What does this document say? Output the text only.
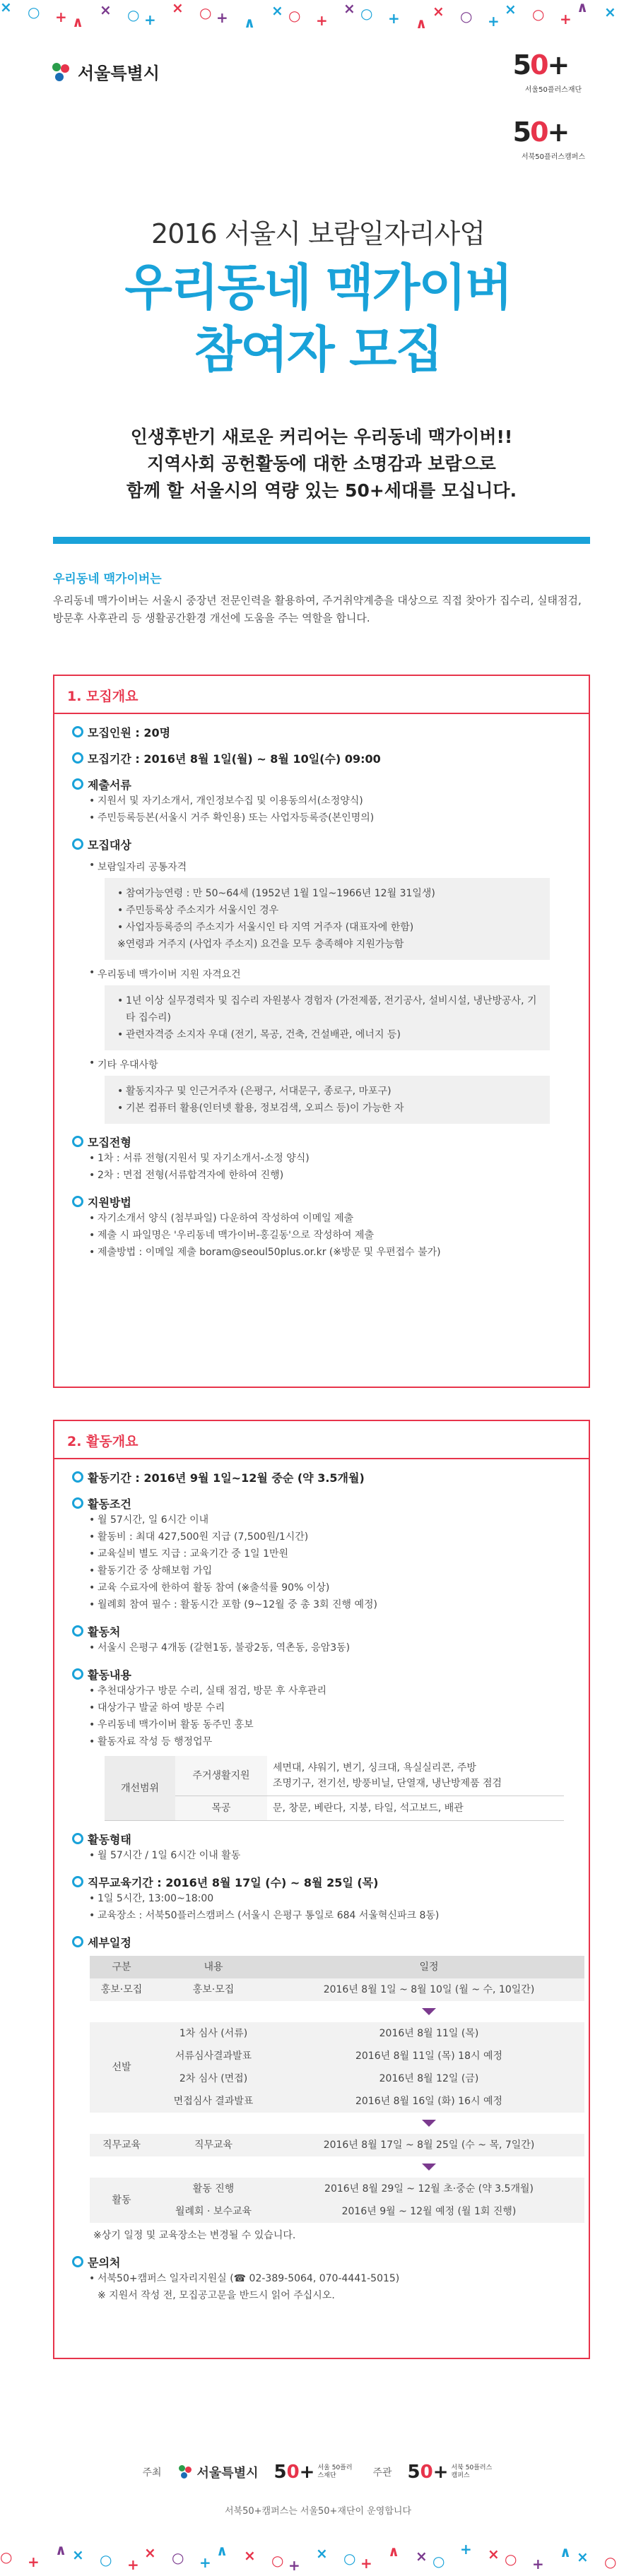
× ○ + ∧
× ○ +
× ○ + ∧
× ○ +
× ○ + ∧
× ○ +
× ○ +
∧ ×
○ +
∧ × ○ +
× ○ +
∧ × ○ +
× ○ +
∧ × ○
+ × ○ +
∧ × ○
서울특별시	50+
서울50플러스재단
50+
서북50플러스캠퍼스
2016 서울시 보람일자리사업
우리동네 맥가이버
참여자 모집
인생후반기 새로운 커리어는 우리동네 맥가이버!!
지역사회 공헌활동에 대한 소명감과 보람으로
함께 할 서울시의 역량 있는 50+세대를 모십니다.
우리동네 맥가이버는

우리동네 맥가이버는 서울시 중장년 전문인력을 활용하여, 주거취약계층을 대상으로 직접 찾아가 집수리, 실태점검, 방문후 사후관리 등 생활공간환경 개선에 도움을 주는 역할을 합니다.

1. 모집개요
모집인원 : 20명
모집기간 : 2016년 8월 1일(월) ~ 8월 10일(수) 09:00
제출서류
• 지원서 및 자기소개서, 개인정보수집 및 이용동의서(소정양식)
• 주민등록등본(서울시 거주 확인용) 또는 사업자등록증(본인명의)
모집대상
• 보람일자리 공통자격
• 참여가능연령 : 만 50~64세 (1952년 1월 1일~1966년 12월 31일생)
• 주민등록상 주소지가 서울시인 경우
• 사업자등록증의 주소지가 서울시인 타 지역 거주자 (대표자에 한함)
※연령과 거주지 (사업자 주소지) 요건을 모두 충족해야 지원가능함
• 우리동네 맥가이버 지원 자격요건
• 1년 이상 실무경력자 및 집수리 자원봉사 경험자 (가전제품, 전기공사, 설비시설, 냉난방공사, 기타 집수리)
• 관련자격증 소지자 우대 (전기, 목공, 건축, 건설배관, 에너지 등)
• 기타 우대사항
• 활동지자구 및 인근거주자 (은평구, 서대문구, 종로구, 마포구)
• 기본 컴퓨터 활용(인터넷 활용, 정보검색, 오피스 등)이 가능한 자
모집전형
• 1차 : 서류 전형(지원서 및 자기소개서-소정 양식)
• 2차 : 면접 전형(서류합격자에 한하여 진행)
지원방법
• 자기소개서 양식 (첨부파일) 다운하여 작성하여 이메일 제출
• 제출 시 파일명은 '우리동네 맥가이버-홍길동'으로 작성하여 제출
• 제출방법 : 이메일 제출 boram@seoul50plus.or.kr (※방문 및 우편접수 불가)
2. 활동개요
활동기간 : 2016년 9월 1일~12월 중순 (약 3.5개월)
활동조건
• 월 57시간, 일 6시간 이내
• 활동비 : 최대 427,500원 지급 (7,500원/1시간)
• 교육실비 별도 지급 : 교육기간 중 1일 1만원
• 활동기간 중 상해보험 가입
• 교육 수료자에 한하여 활동 참여 (※출석률 90% 이상)
• 월례회 참여 필수 : 활동시간 포함 (9~12월 중 총 3회 진행 예정)
활동처
• 서울시 은평구 4개동 (갈현1동, 불광2동, 역촌동, 응암3동)
활동내용
• 추천대상가구 방문 수리, 실태 점검, 방문 후 사후관리
• 대상가구 발굴 하여 방문 수리
• 우리동네 맥가이버 활동 동주민 홍보
• 활동자료 작성 등 행정업무
개선범위	주거생활지원	세면대, 샤워기, 변기, 싱크대, 욕실실리콘, 주방
조명기구, 전기선, 방풍비닐, 단열재, 냉난방제품 점검

	목공	문, 창문, 베란다, 지붕, 타일, 석고보드, 배관
활동형태
• 월 57시간 / 1일 6시간 이내 활동
직무교육기간 : 2016년 8월 17일 (수) ~ 8월 25일 (목)
• 1일 5시간, 13:00~18:00
• 교육장소 : 서북50플러스캠퍼스 (서울시 은평구 통일로 684 서울혁신파크 8동)
세부일정
구분	내용	일정
홍보·모집	홍보·모집	2016년 8월 1일 ~ 8월 10일 (월 ~ 수, 10일간)

선발	1차 심사 (서류)	2016년 8월 11일 (목)
	서류심사결과발표	2016년 8월 11일 (목) 18시 예정
	2차 심사 (면접)	2016년 8월 12일 (금)
	면접심사 결과발표	2016년 8월 16일 (화) 16시 예정

직무교육	직무교육	2016년 8월 17일 ~ 8월 25일 (수 ~ 목, 7일간)

활동	활동 진행	2016년 8월 29일 ~ 12월 초·중순 (약 3.5개월)
	월례회 · 보수교육	2016년 9월 ~ 12월 예정 (월 1회 진행)
※상기 일정 및 교육장소는 변경될 수 있습니다.
문의처
• 서북50+캠퍼스 일자리지원실 (☎ 02-389-5064, 070-4441-5015)
※ 지원서 작성 전, 모집공고문을 반드시 읽어 주십시오.
주최	서울특별시 50+ 서울 50플러스재단	주관 50+ 서북 50플러스캠퍼스
서북50+캠퍼스는 서울50+재단이 운영합니다
